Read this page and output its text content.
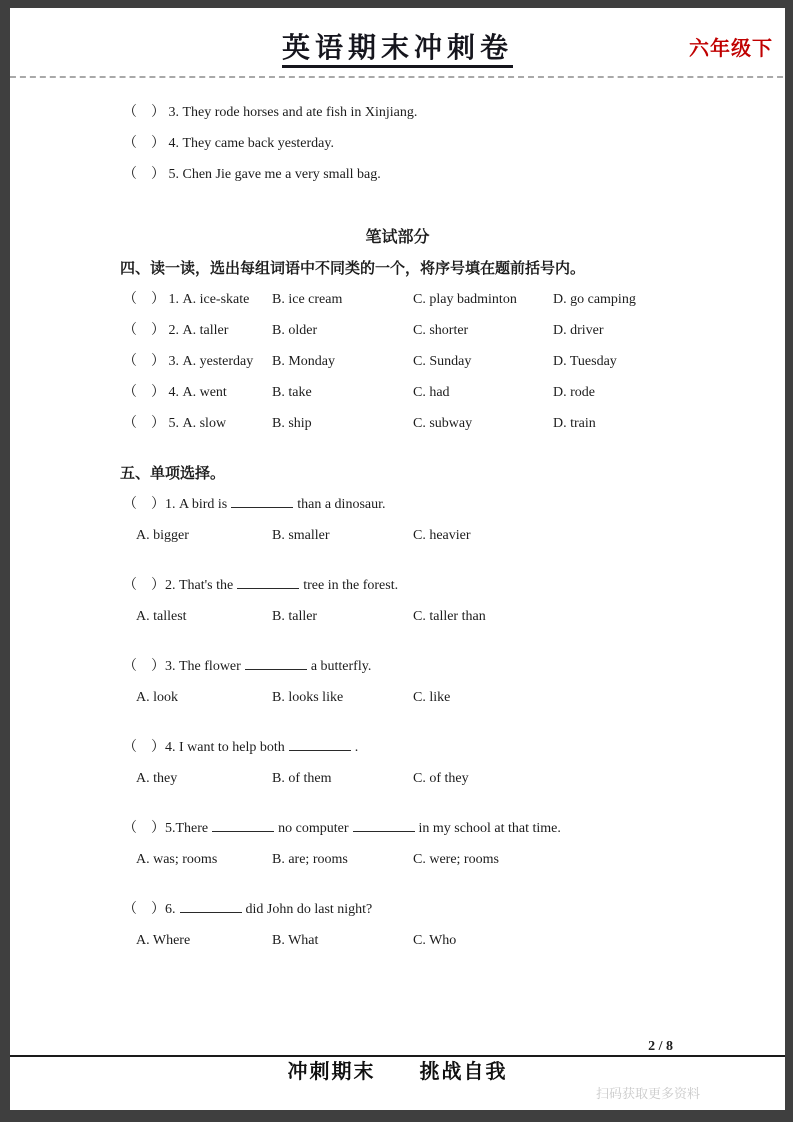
英语期末冲刺卷	六年级下
（　） 3. They rode horses and ate fish in Xinjiang.
（　） 4. They came back yesterday.
（　） 5. Chen Jie gave me a very small bag.
笔试部分
四、读一读，选出每组词语中不同类的一个，将序号填在题前括号内。
（　） 1. A. ice-skate	B. ice cream	C. play badminton	D. go camping
（　） 2. A. taller	B. older	C. shorter	D. driver
（　） 3. A. yesterday	B. Monday	C. Sunday	D. Tuesday
（　） 4. A. went	B. take	C. had	D. rode
（　） 5. A. slow	B. ship	C. subway	D. train
五、单项选择。
（　）1. A bird is	than a dinosaur.
A. bigger	B. smaller	C. heavier
（　）2. That's the	tree in the forest.
A. tallest	B. taller	C. taller than
（　）3. The flower	a butterfly.
A. look	B. looks like	C. like
（　）4. I want to help both	.
A. they	B. of them	C. of they
（　）5.There	no computer	in my school at that time.
A. was; rooms	B. are; rooms	C. were; rooms
（　）6.	did John do last night?
A. Where	B. What	C. Who
2 / 8
冲刺期末　　挑战自我
扫码获取更多资料
